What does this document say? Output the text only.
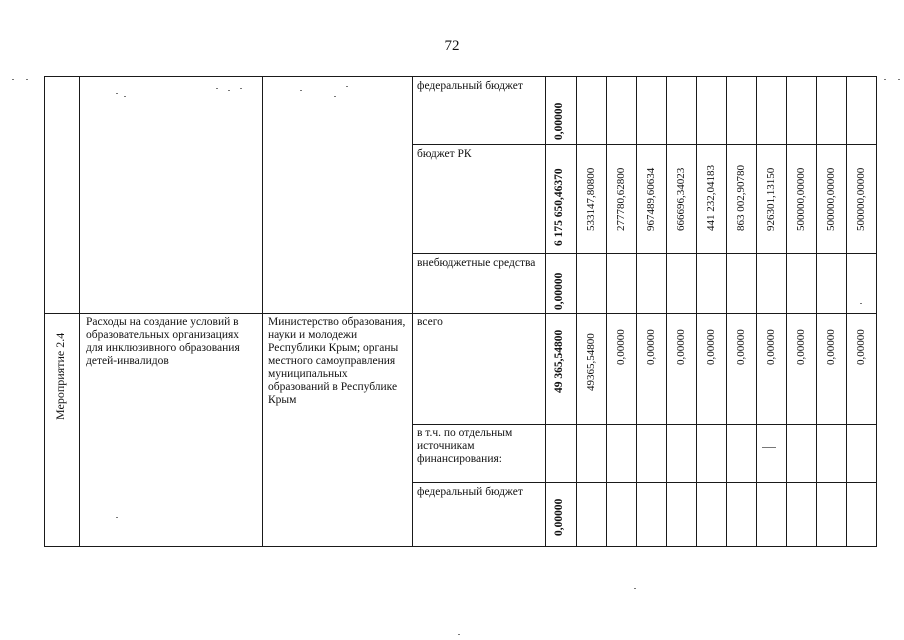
72
федеральный бюджет
0,00000
бюджет РК
6 175 650,46370 533147,80800 277780,62800 967489,60634 666696,34023 441 232,04183 863 002,90780 926301,13150 500000,00000 500000,00000 500000,00000
внебюджетные средства
0,00000
Мероприятие 2.4
Расходы на создание условий в образовательных организациях для инклюзивного образования детей-инвалидов
Министерство образования, науки и молодежи Республики Крым; органы местного самоуправления муниципальных образований в Республике Крым
всего
49 365,54800 49365,54800 0,00000 0,00000 0,00000 0,00000 0,00000 0,00000 0,00000 0,00000 0,00000
в т.ч. по отдельным источникам финансирования:
федеральный бюджет
0,00000
